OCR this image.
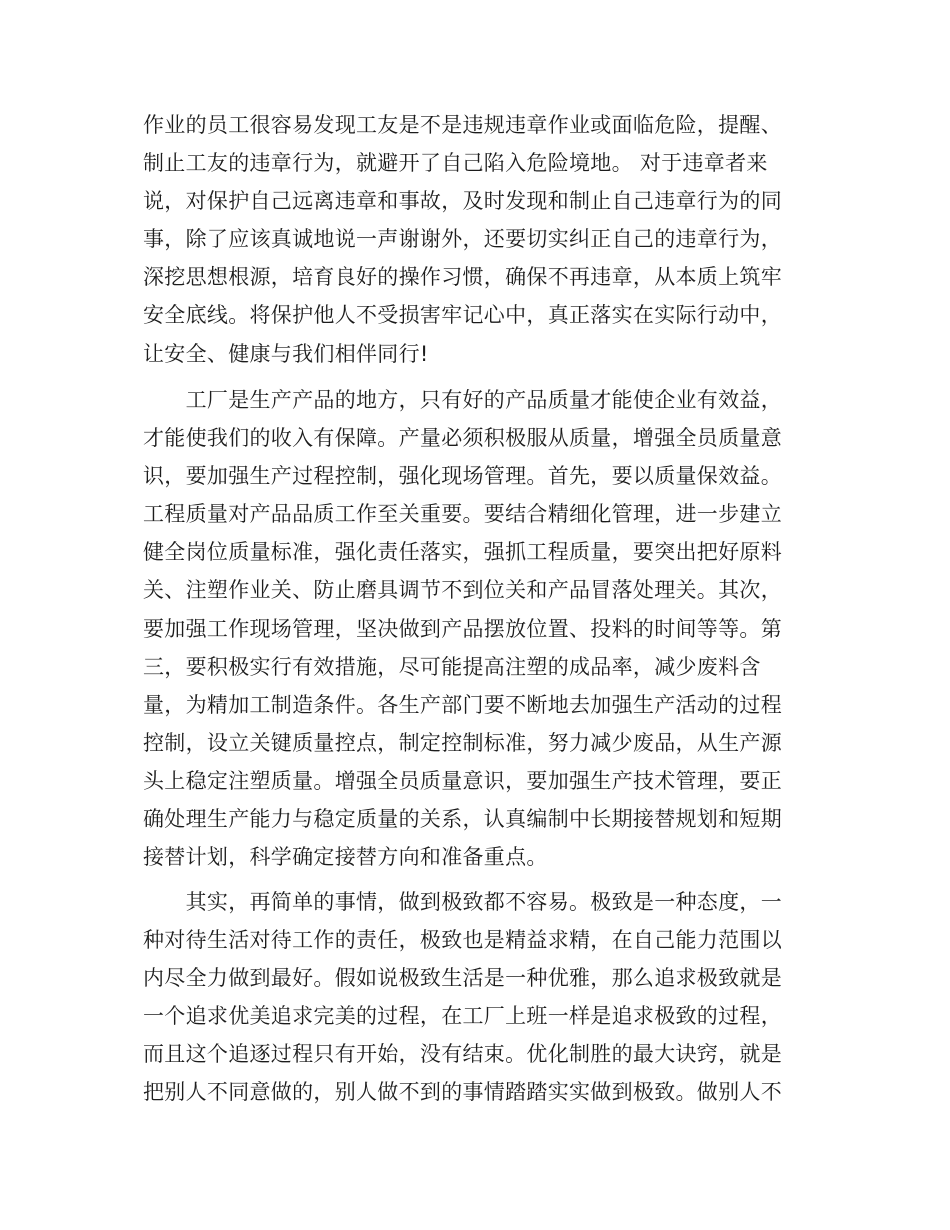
作业的员工很容易发现工友是不是违规违章作业或面临危险，提醒、
制止工友的违章行为，就避开了自己陷入危险境地。 对于违章者来
说，对保护自己远离违章和事故，及时发现和制止自己违章行为的同
事，除了应该真诚地说一声谢谢外，还要切实纠正自己的违章行为，
深挖思想根源，培育良好的操作习惯，确保不再违章，从本质上筑牢
安全底线。将保护他人不受损害牢记心中，真正落实在实际行动中，
让安全、健康与我们相伴同行!
　　工厂是生产产品的地方，只有好的产品质量才能使企业有效益，
才能使我们的收入有保障。产量必须积极服从质量，增强全员质量意
识，要加强生产过程控制，强化现场管理。首先，要以质量保效益。
工程质量对产品品质工作至关重要。要结合精细化管理，进一步建立
健全岗位质量标准，强化责任落实，强抓工程质量，要突出把好原料
关、注塑作业关、防止磨具调节不到位关和产品冒落处理关。其次，
要加强工作现场管理，坚决做到产品摆放位置、投料的时间等等。第
三，要积极实行有效措施，尽可能提高注塑的成品率，减少废料含
量，为精加工制造条件。各生产部门要不断地去加强生产活动的过程
控制，设立关键质量控点，制定控制标准，努力减少废品，从生产源
头上稳定注塑质量。增强全员质量意识，要加强生产技术管理，要正
确处理生产能力与稳定质量的关系，认真编制中长期接替规划和短期
接替计划，科学确定接替方向和准备重点。
　　其实，再简单的事情，做到极致都不容易。极致是一种态度，一
种对待生活对待工作的责任，极致也是精益求精，在自己能力范围以
内尽全力做到最好。假如说极致生活是一种优雅，那么追求极致就是
一个追求优美追求完美的过程，在工厂上班一样是追求极致的过程，
而且这个追逐过程只有开始，没有结束。优化制胜的最大诀窍，就是
把别人不同意做的，别人做不到的事情踏踏实实做到极致。做别人不
